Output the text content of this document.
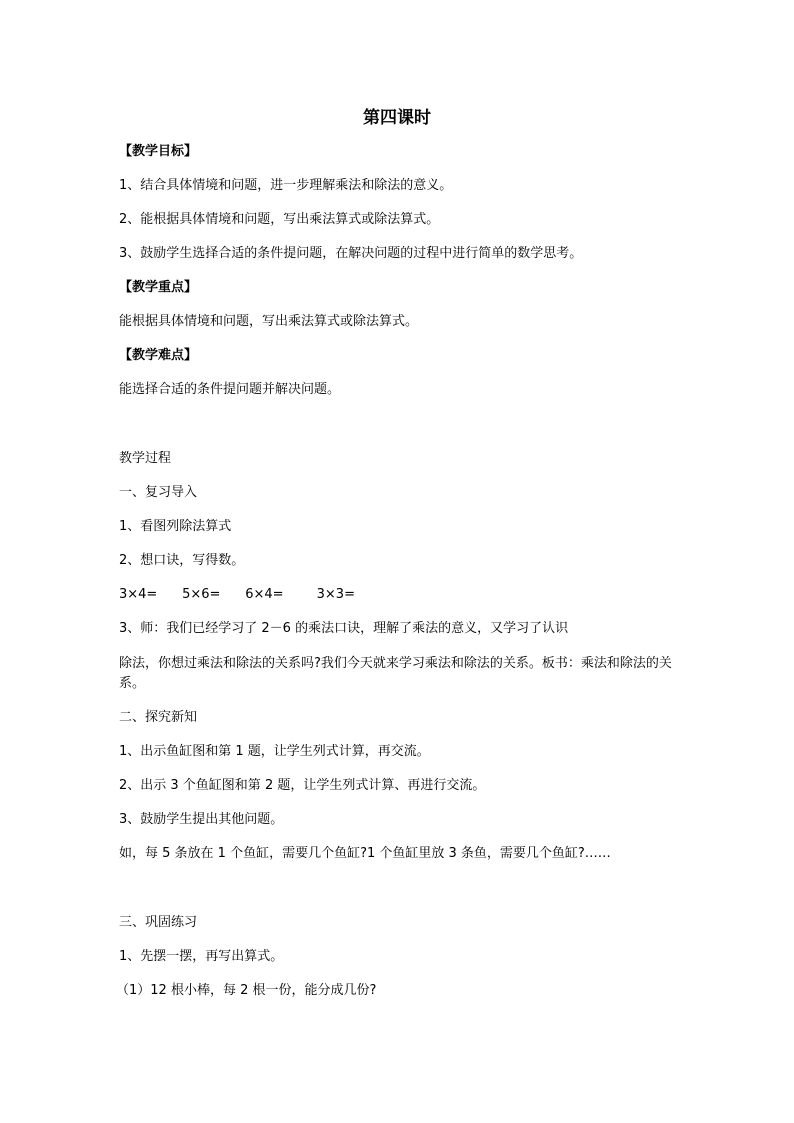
第四课时
【教学目标】
1、结合具体情境和问题，进一步理解乘法和除法的意义。
2、能根据具体情境和问题，写出乘法算式或除法算式。
3、鼓励学生选择合适的条件提问题，在解决问题的过程中进行简单的数学思考。
【教学重点】
能根据具体情境和问题，写出乘法算式或除法算式。
【教学难点】
能选择合适的条件提问题并解决问题。
教学过程
一、复习导入
1、看图列除法算式
2、想口诀，写得数。
3×4=      5×6=      6×4=        3×3=
3、师：我们已经学习了 2－6 的乘法口诀，理解了乘法的意义，又学习了认识
除法，你想过乘法和除法的关系吗?我们今天就来学习乘法和除法的关系。板书：乘法和除法的关系。
二、探究新知
1、出示鱼缸图和第 1 题，让学生列式计算，再交流。
2、出示 3 个鱼缸图和第 2 题，让学生列式计算、再进行交流。
3、鼓励学生提出其他问题。
如，每 5 条放在 1 个鱼缸，需要几个鱼缸?1 个鱼缸里放 3 条鱼，需要几个鱼缸?……
三、巩固练习
1、先摆一摆，再写出算式。
（1）12 根小棒，每 2 根一份，能分成几份?
